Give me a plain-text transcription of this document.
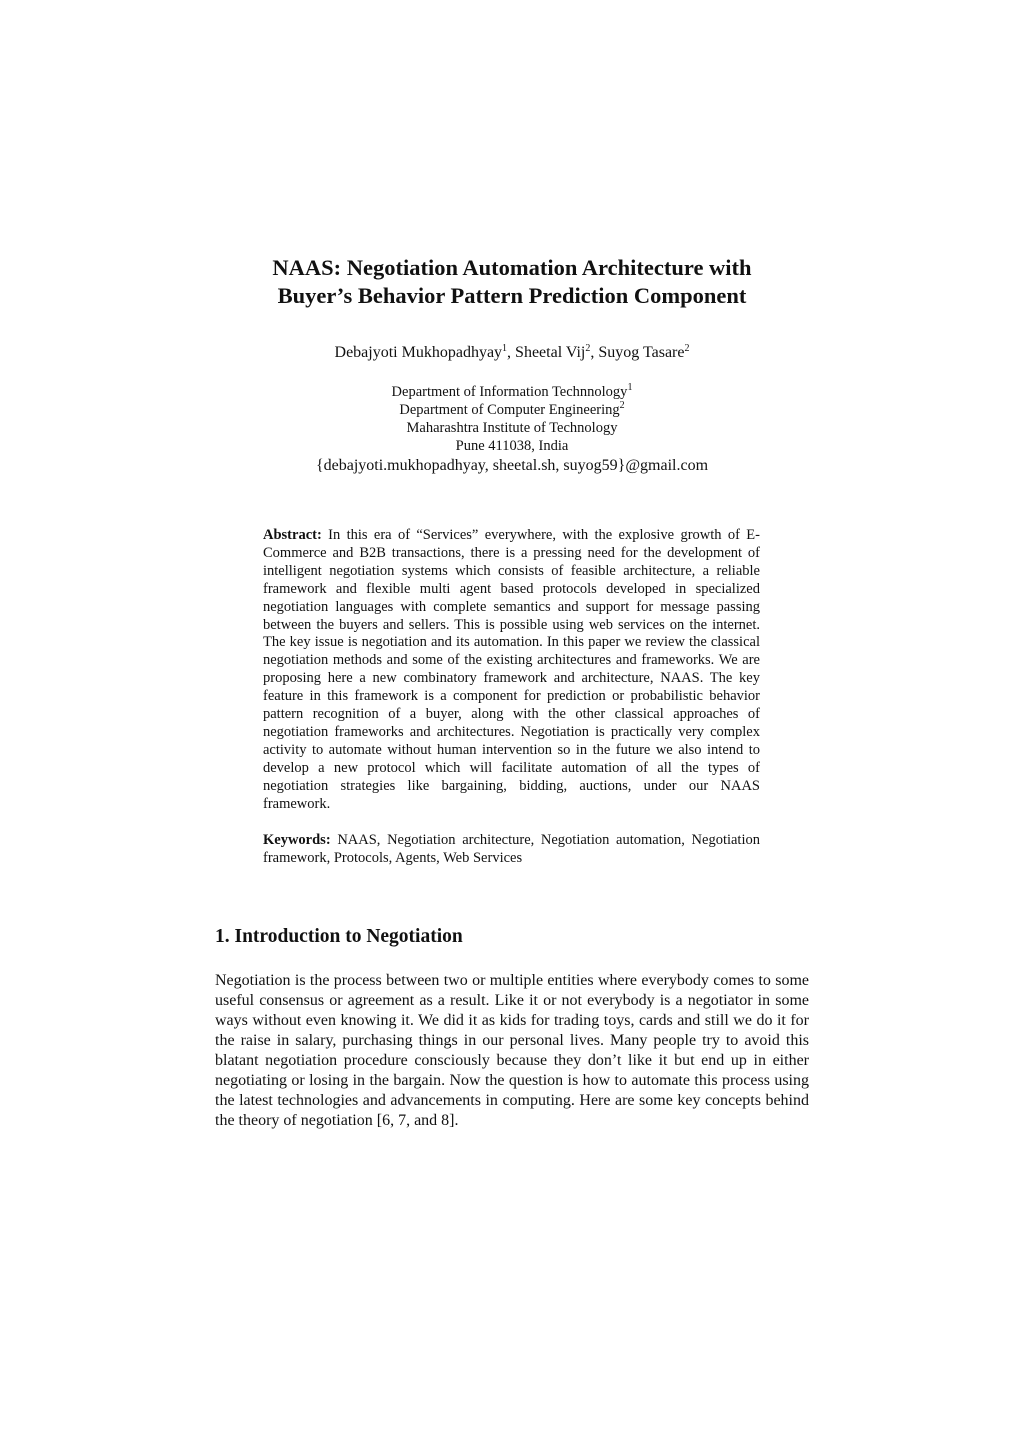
NAAS: Negotiation Automation Architecture with
Buyer’s Behavior Pattern Prediction Component
Debajyoti Mukhopadhyay$^1$, Sheetal Vij$^2$, Suyog Tasare$^2$
Department of Information Technnology$^1$
Department of Computer Engineering$^2$
Maharashtra Institute of Technology
Pune 411038, India
{debajyoti.mukhopadhyay, sheetal.sh, suyog59}@gmail.com
Abstract: In this era of “Services” everywhere, with the explosive growth of E-Commerce and B2B transactions, there is a pressing need for the development of intelligent negotiation systems which consists of feasible architecture, a reliable framework and flexible multi agent based protocols developed in specialized negotiation languages with complete semantics and support for message passing between the buyers and sellers. This is possible using web services on the internet. The key issue is negotiation and its automation. In this paper we review the classical negotiation methods and some of the existing architectures and frameworks. We are proposing here a new combinatory framework and architecture, NAAS. The key feature in this framework is a component for prediction or probabilistic behavior pattern recognition of a buyer, along with the other classical approaches of negotiation frameworks and architectures. Negotiation is practically very complex activity to automate without human intervention so in the future we also intend to develop a new protocol which will facilitate automation of all the types of negotiation strategies like bargaining, bidding, auctions, under our NAAS framework.
Keywords: NAAS, Negotiation architecture, Negotiation automation, Negotiation framework, Protocols, Agents, Web Services
1. Introduction to Negotiation

Negotiation is the process between two or multiple entities where everybody comes to some useful consensus or agreement as a result. Like it or not everybody is a negotiator in some ways without even knowing it. We did it as kids for trading toys, cards and still we do it for the raise in salary, purchasing things in our personal lives. Many people try to avoid this blatant negotiation procedure consciously because they don’t like it but end up in either negotiating or losing in the bargain. Now the question is how to automate this process using the latest technologies and advancements in computing. Here are some key concepts behind the theory of negotiation [6, 7, and 8].
